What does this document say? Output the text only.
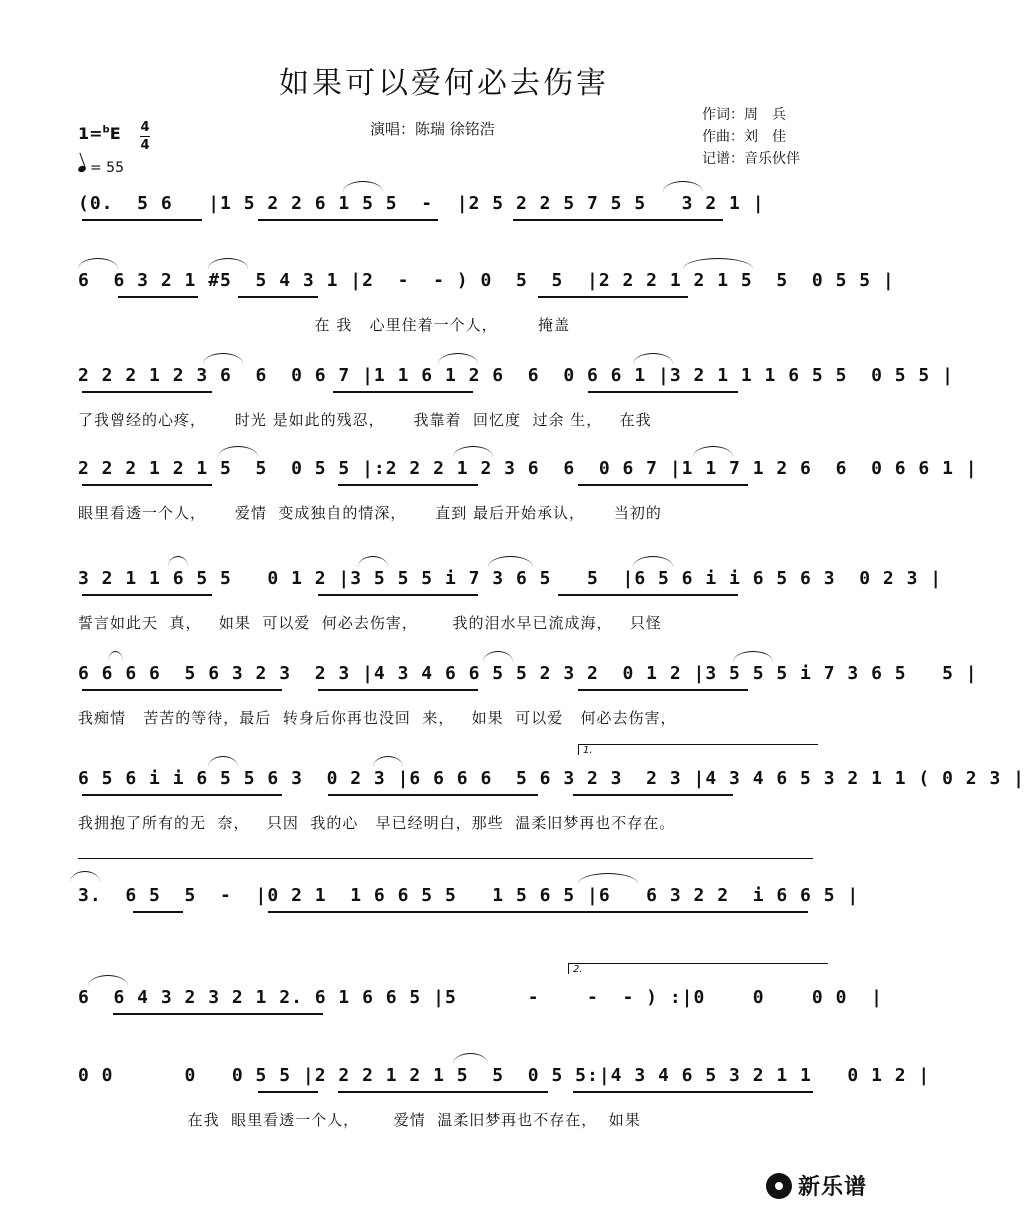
如果可以爱何必去伤害
演唱：陈瑞 徐铭浩
作词：周　兵
作曲：刘　佳
记谱：音乐伙伴
1=$^b$E 4
4
= 55
(0.  5 6   |1 5 2 2 6 1 5 5  -  |2 5 2 2 5 7 5 5   3 2 1 |
6  6 3 2 1 #5  5 4 3 1 |2  -  - ) 0  5  5  |2 2 2 1 2 1 5  5  0 5 5 |
在 我   心里住着一个人，       掩盖
2 2 2 1 2 3 6  6  0 6 7 |1 1 6 1 2 6  6  0 6 6 1 |3 2 1 1 1 6 5 5  0 5 5 |
了我曾经的心疼，     时光 是如此的残忍，     我靠着  回忆度  过余 生，   在我
2 2 2 1 2 1 5  5  0 5 5 |:2 2 2 1 2 3 6  6  0 6 7 |1 1 7 1 2 6  6  0 6 6 1 |
眼里看透一个人，     爱情  变成独自的情深，     直到 最后开始承认，     当初的
3 2 1 1 6 5 5   0 1 2 |3 5 5 5 i 7 3 6 5   5  |6 5 6 i i 6 5 6 3  0 2 3 |
誓言如此天  真，   如果  可以爱  何必去伤害，      我的泪水早已流成海，   只怪
6 6 6 6  5 6 3 2 3  2 3 |4 3 4 6 6 5 5 2 3 2  0 1 2 |3 5 5 5 i 7 3 6 5   5 |
我痴情   苦苦的等待，最后  转身后你再也没回  来，   如果  可以爱   何必去伤害，
6 5 6 i i 6 5 5 6 3  0 2 3 |6 6 6 6  5 6 3 2 3  2 3 |4 3 4 6 5 3 2 1 1 ( 0 2 3 |
我拥抱了所有的无  奈，   只因  我的心   早已经明白，那些  温柔旧梦再也不存在。
1.
3.  6 5  5  -  |0 2 1  1 6 6 5 5   1 5 6 5 |6   6 3 2 2  i 6 6 5 |
6  6 4 3 2 3 2 1 2. 6 1 6 6 5 |5      -    -  - ) :|0    0    0 0  |
2.
0 0      0   0 5 5 |2 2 2 1 2 1 5  5  0 5 5:|4 3 4 6 5 3 2 1 1   0 1 2 |
在我  眼里看透一个人，      爱情  温柔旧梦再也不存在，  如果
新乐谱
